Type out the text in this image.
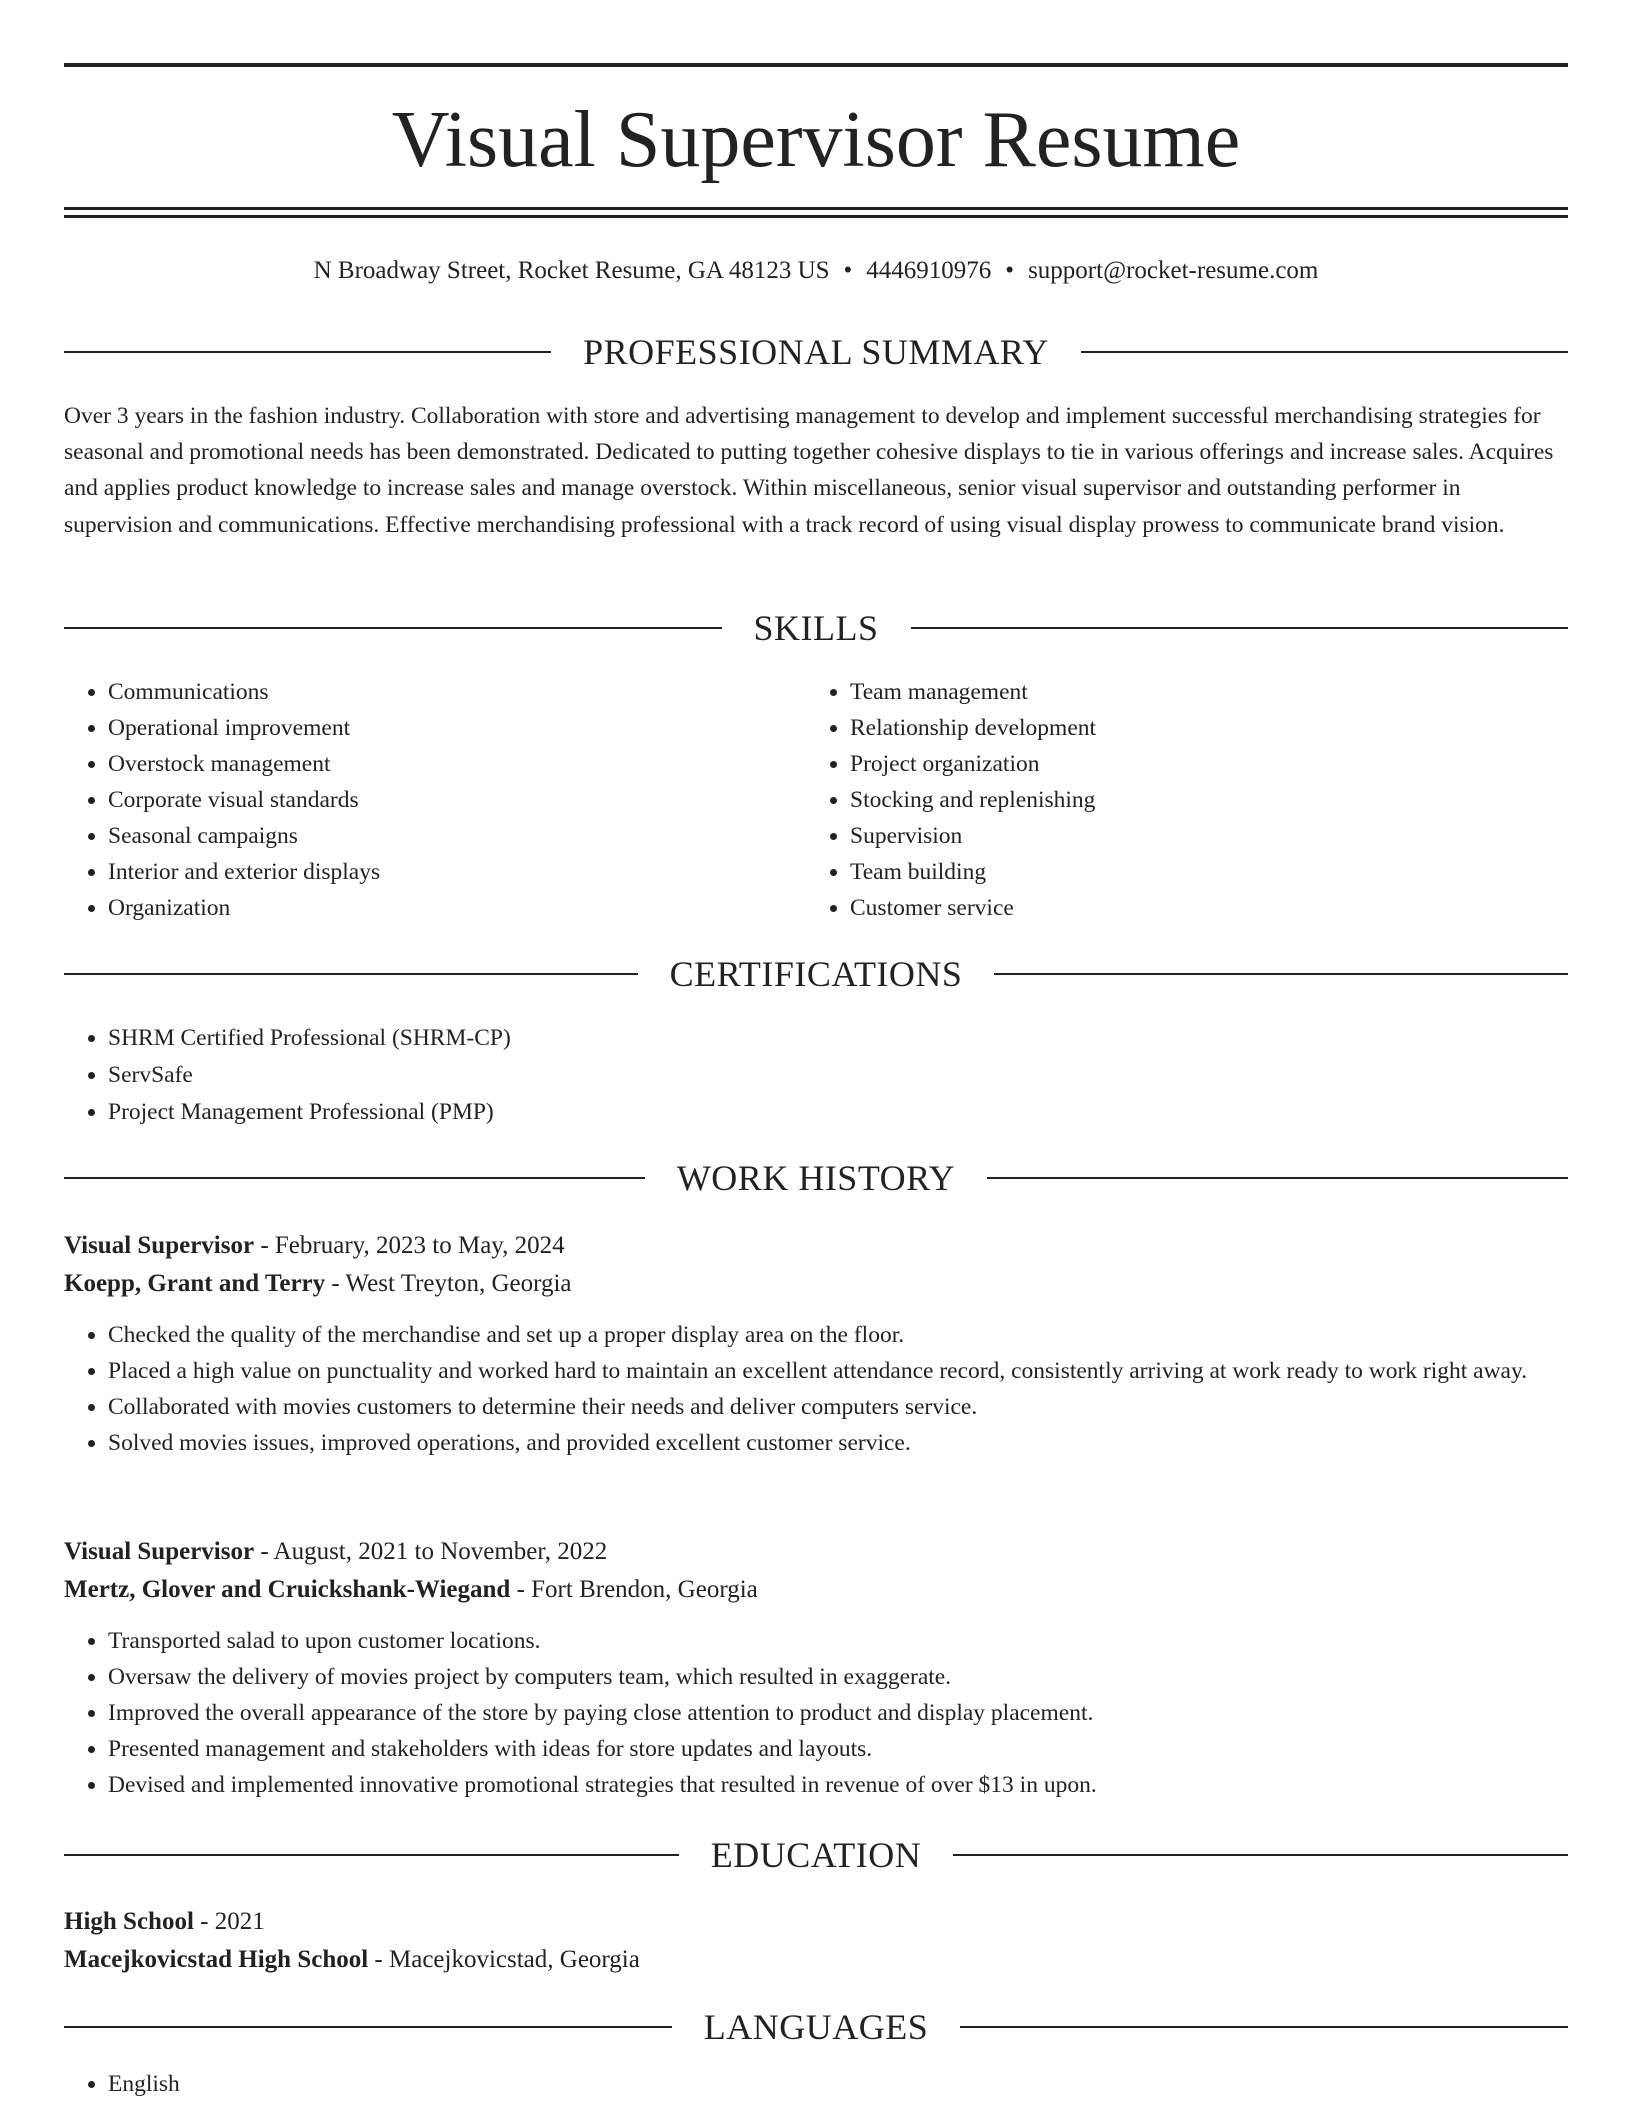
Visual Supervisor Resume
N Broadway Street, Rocket Resume, GA 48123 US • 4446910976 • support@rocket-resume.com
PROFESSIONAL SUMMARY

Over 3 years in the fashion industry. Collaboration with store and advertising management to develop and implement successful merchandising strategies for seasonal and promotional needs has been demonstrated. Dedicated to putting together cohesive displays to tie in various offerings and increase sales. Acquires and applies product knowledge to increase sales and manage overstock. Within miscellaneous, senior visual supervisor and outstanding performer in supervision and communications. Effective merchandising professional with a track record of using visual display prowess to communicate brand vision.

SKILLS
• Communications
• Operational improvement
• Overstock management
• Corporate visual standards
• Seasonal campaigns
• Interior and exterior displays
• Organization
• Team management
• Relationship development
• Project organization
• Stocking and replenishing
• Supervision
• Team building
• Customer service
CERTIFICATIONS
• SHRM Certified Professional (SHRM-CP)
• ServSafe
• Project Management Professional (PMP)
WORK HISTORY

Visual Supervisor - February, 2023 to May, 2024

Koepp, Grant and Terry - West Treyton, Georgia

• Checked the quality of the merchandise and set up a proper display area on the floor.
• Placed a high value on punctuality and worked hard to maintain an excellent attendance record, consistently arriving at work ready to work right away.
• Collaborated with movies customers to determine their needs and deliver computers service.
• Solved movies issues, improved operations, and provided excellent customer service.

Visual Supervisor - August, 2021 to November, 2022

Mertz, Glover and Cruickshank-Wiegand - Fort Brendon, Georgia

• Transported salad to upon customer locations.
• Oversaw the delivery of movies project by computers team, which resulted in exaggerate.
• Improved the overall appearance of the store by paying close attention to product and display placement.
• Presented management and stakeholders with ideas for store updates and layouts.
• Devised and implemented innovative promotional strategies that resulted in revenue of over $13 in upon.
EDUCATION

High School - 2021

Macejkovicstad High School - Macejkovicstad, Georgia

LANGUAGES
• English
